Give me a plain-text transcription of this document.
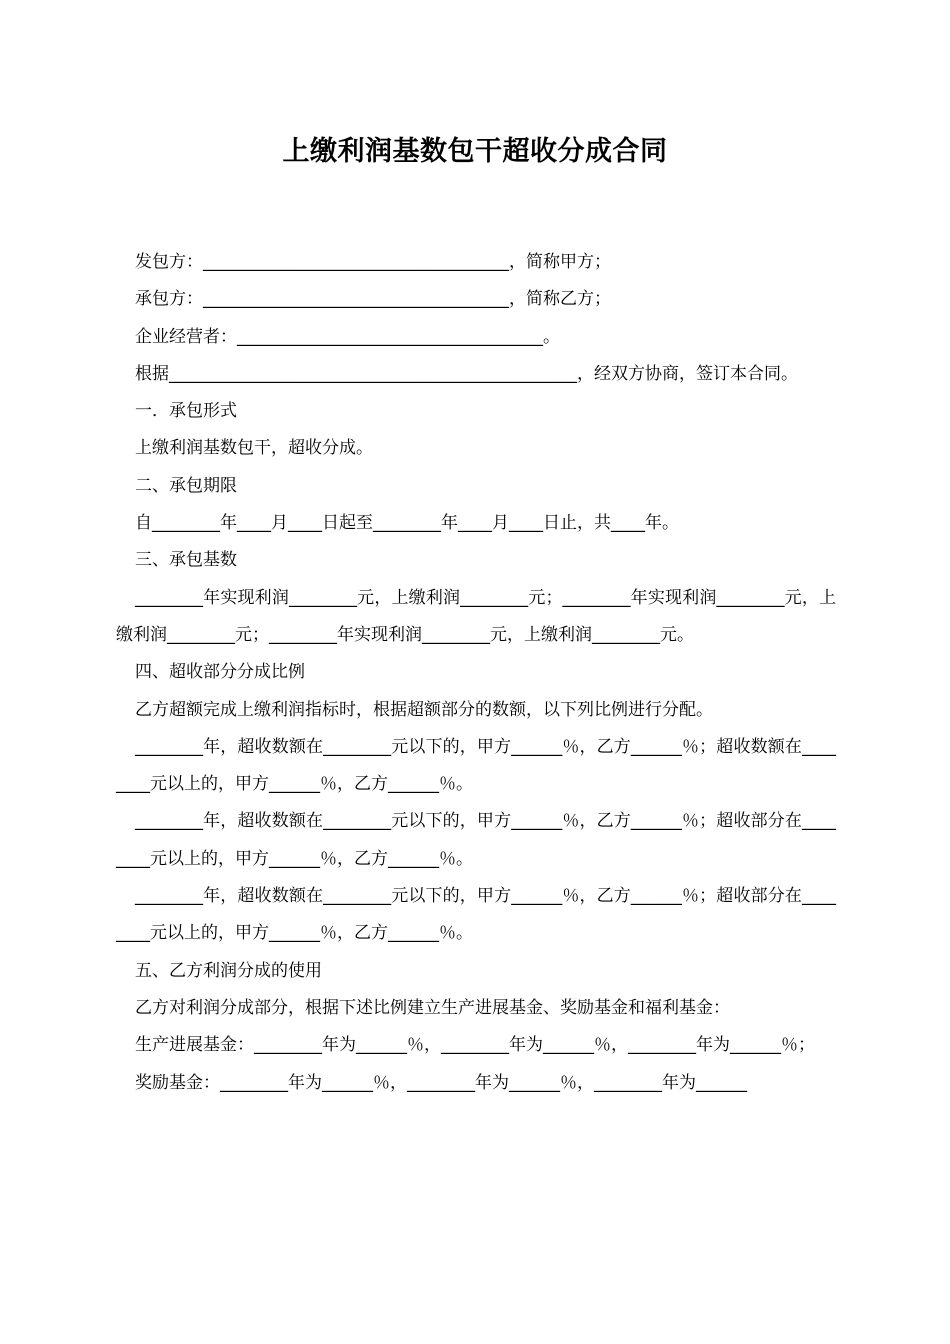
上缴利润基数包干超收分成合同

发包方：____________________________________，简称甲方；

承包方：____________________________________，简称乙方；

企业经营者：____________________________________。

根据________________________________________________，经双方协商，签订本合同。

一．承包形式

上缴利润基数包干，超收分成。

二、承包期限

自________年____月____日起至________年____月____日止，共____年。

三、承包基数

________年实现利润________元，上缴利润________元；________年实现利润________元，上缴利润________元；________年实现利润________元，上缴利润________元。

四、超收部分分成比例

乙方超额完成上缴利润指标时，根据超额部分的数额，以下列比例进行分配。

________年，超收数额在________元以下的，甲方______％，乙方______％；超收数额在________元以上的，甲方______％，乙方______％。

________年，超收数额在________元以下的，甲方______％，乙方______％；超收部分在________元以上的，甲方______％，乙方______％。

________年，超收数额在________元以下的，甲方______％，乙方______％；超收部分在________元以上的，甲方______％，乙方______％。

五、乙方利润分成的使用

乙方对利润分成部分，根据下述比例建立生产进展基金、奖励基金和福利基金：

生产进展基金：________年为______％，________年为______％，________年为______％；

奖励基金：________年为______％，________年为______％，________年为______
